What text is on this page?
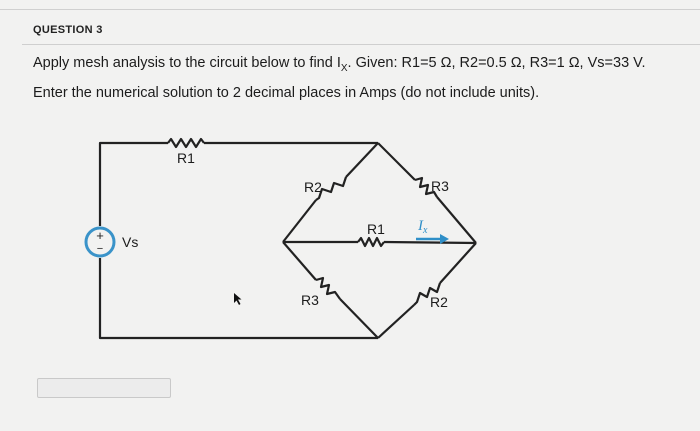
QUESTION 3

Apply mesh analysis to the circuit below to find $I_X$. Given: R1=5 Ω, R2=0.5 Ω, R3=1 Ω, Vs=33 V.

Enter the numerical solution to 2 decimal places in Amps (do not include units).

+
− Vs
R1
R2	R3
R1
R3	R2
$I_x$
